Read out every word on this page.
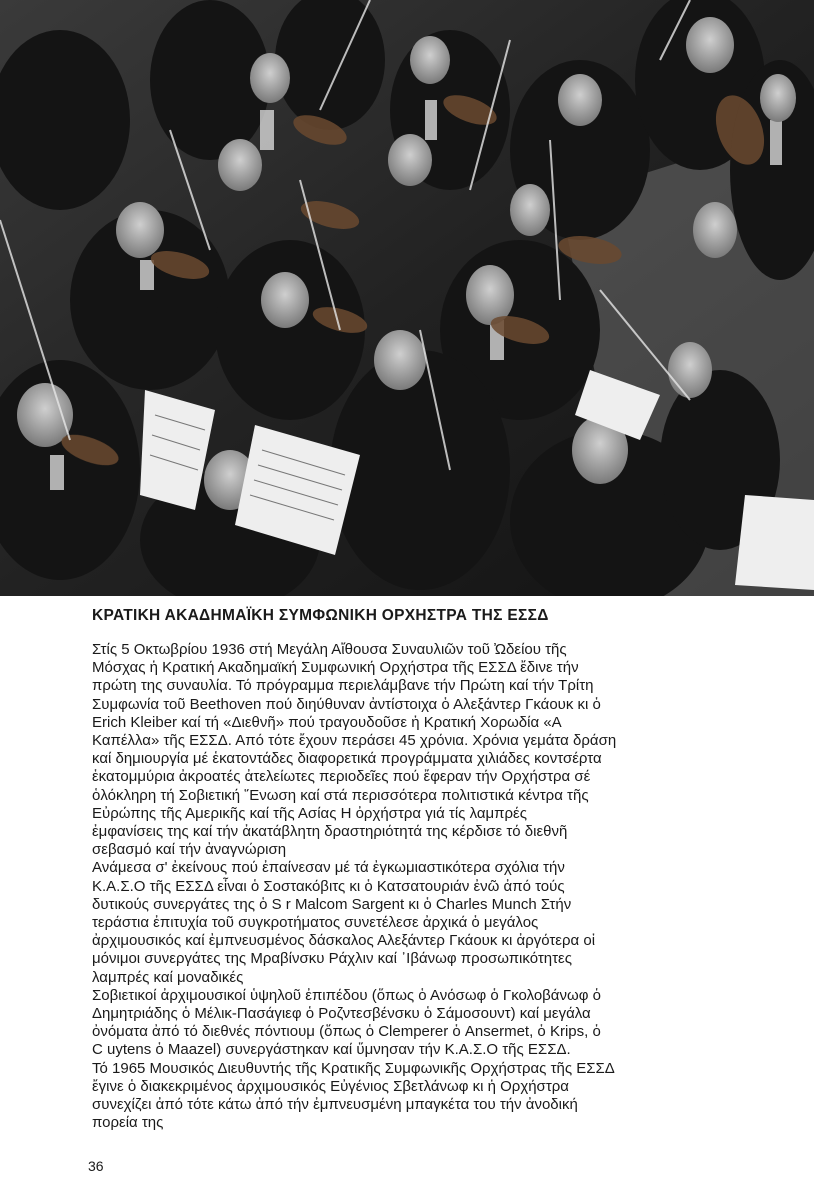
ΚΡΑΤΙΚΗ ΑΚΑΔΗΜΑΪΚΗ ΣΥΜΦΩΝΙΚΗ ΟΡΧΗΣΤΡΑ ΤΗΣ ΕΣΣΔ

Στίς 5 Οκτωβρίου 1936 στή Μεγάλη Αἴθουσα Συναυλιῶν τοῦ Ὠδείου τῆς

Μόσχας ἡ Κρατική Ακαδημαϊκή Συμφωνική Ορχήστρα τῆς ΕΣΣΔ ἔδινε τήν

πρώτη της συναυλία. Τό πρόγραμμα περιελάμβανε τήν Πρώτη καί τήν Τρίτη

Συμφωνία τοῦ Beethoven πού διηύθυναν ἀντίστοιχα ὁ Αλεξάντερ Γκάουκ κι ὁ

Erich Kleiber καί τή «Διεθνῆ» πού τραγουδοῦσε ἡ Κρατική Χορωδία «Α

Καπέλλα» τῆς ΕΣΣΔ. Από τότε ἔχουν περάσει 45 χρόνια. Χρόνια γεμάτα δράση

καί δημιουργία μέ ἑκατοντάδες διαφορετικά προγράμματα χιλιάδες κοντσέρτα

ἑκατομμύρια ἀκροατές ἀτελείωτες περιοδεῖες πού ἔφεραν τήν Ορχήστρα σέ

ὁλόκληρη τή Σοβιετική ῞Ενωση καί στά περισσότερα πολιτιστικά κέντρα τῆς

Εὐρώπης τῆς Αμερικῆς καί τῆς Ασίας Η ὀρχήστρα γιά τίς λαμπρές

ἐμφανίσεις της καί τήν ἀκατάβλητη δραστηριότητά της κέρδισε τό διεθνῆ

σεβασμό καί τήν ἀναγνώριση

Ανάμεσα σ' ἐκείνους πού ἐπαίνεσαν μέ τά ἐγκωμιαστικότερα σχόλια τήν

Κ.Α.Σ.Ο τῆς ΕΣΣΔ εἶναι ὁ Σοστακόβιτς κι ὁ Κατσατουριάν ἐνῶ ἀπό τούς

δυτικούς συνεργάτες της ὁ S r Malcom Sargent κι ὁ Charles Munch Στήν

τεράστια ἐπιτυχία τοῦ συγκροτήματος συνετέλεσε ἀρχικά ὁ μεγάλος

ἀρχιμουσικός καί ἐμπνευσμένος δάσκαλος Αλεξάντερ Γκάουκ κι ἀργότερα οἱ

μόνιμοι συνεργάτες της Μραβίνσκυ Ράχλιν καί ᾿Ιβάνωφ προσωπικότητες

λαμπρές καί μοναδικές

Σοβιετικοί ἀρχιμουσικοί ὑψηλοῦ ἐπιπέδου (ὅπως ὁ Ανόσωφ ὁ Γκολοβάνωφ ὁ

Δημητριάδης ὁ Μέλικ-Πασάγιεφ ὁ Ροζντεσβένσκυ ὁ Σάμοσουντ) καί μεγάλα

ὀνόματα ἀπό τό διεθνές πόντιουμ (ὅπως ὁ Clemperer ὁ Ansermet, ὁ Krips, ὁ

C uytens ὁ Maazel) συνεργάστηκαν καί ὕμνησαν τήν Κ.Α.Σ.Ο τῆς ΕΣΣΔ.

Τό 1965 Μουσικός Διευθυντής τῆς Κρατικῆς Συμφωνικῆς Ορχήστρας τῆς ΕΣΣΔ

ἔγινε ὁ διακεκριμένος ἀρχιμουσικός Εὐγένιος Σβετλάνωφ κι ἡ Ορχήστρα

συνεχίζει ἀπό τότε κάτω ἀπό τήν ἐμπνευσμένη μπαγκέτα του τήν ἀνοδική

πορεία της

36
